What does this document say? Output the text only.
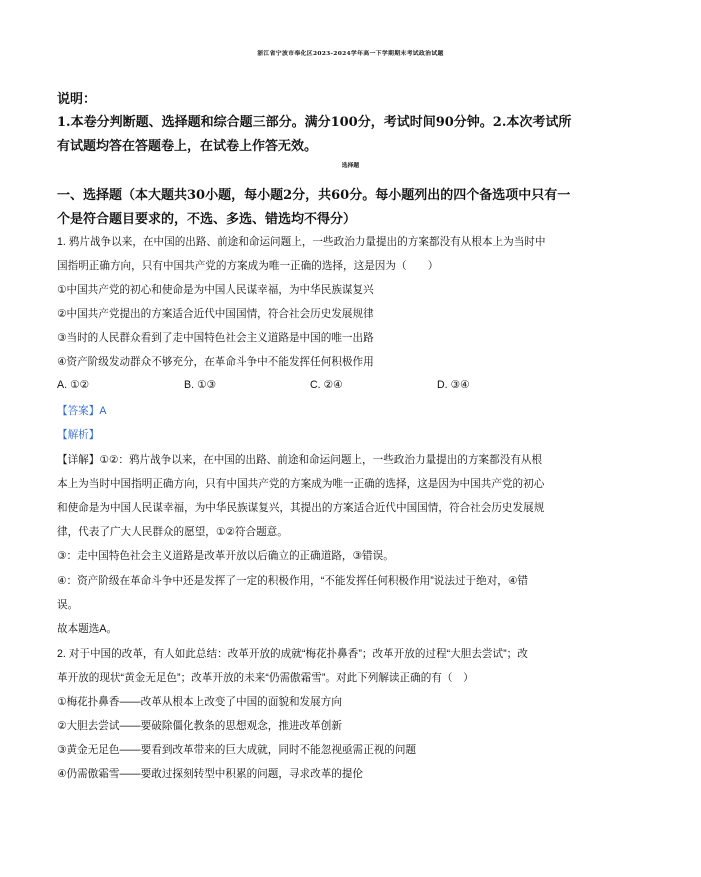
浙江省宁波市奉化区2023-2024学年高一下学期期末考试政治试题
说明：
1.本卷分判断题、选择题和综合题三部分。满分100分，考试时间90分钟。2.本次考试所
有试题均答在答题卷上，在试卷上作答无效。
选择题
一、选择题（本大题共30小题，每小题2分，共60分。每小题列出的四个备选项中只有一
个是符合题目要求的，不选、多选、错选均不得分）
1. 鸦片战争以来，在中国的出路、前途和命运问题上，一些政治力量提出的方案都没有从根本上为当时中
国指明正确方向，只有中国共产党的方案成为唯一正确的选择，这是因为（　　）
①中国共产党的初心和使命是为中国人民谋幸福，为中华民族谋复兴
②中国共产党提出的方案适合近代中国国情，符合社会历史发展规律
③当时的人民群众看到了走中国特色社会主义道路是中国的唯一出路
④资产阶级发动群众不够充分，在革命斗争中不能发挥任何积极作用
A. ①②	B. ①③	C. ②④	D. ③④
【答案】A
【解析】
【详解】①②：鸦片战争以来，在中国的出路、前途和命运问题上，一些政治力量提出的方案都没有从根
本上为当时中国指明正确方向，只有中国共产党的方案成为唯一正确的选择，这是因为中国共产党的初心
和使命是为中国人民谋幸福，为中华民族谋复兴，其提出的方案适合近代中国国情，符合社会历史发展规
律，代表了广大人民群众的愿望，①②符合题意。
③：走中国特色社会主义道路是改革开放以后确立的正确道路，③错误。
④：资产阶级在革命斗争中还是发挥了一定的积极作用，“不能发挥任何积极作用”说法过于绝对，④错
误。
故本题选A。
2. 对于中国的改革，有人如此总结：改革开放的成就“梅花扑鼻香”；改革开放的过程“大胆去尝试”；改
革开放的现状“黄金无足色”；改革开放的未来“仍需傲霜雪”。对此下列解读正确的有（　）
①梅花扑鼻香——改革从根本上改变了中国的面貌和发展方向
②大胆去尝试——要破除僵化教条的思想观念，推进改革创新
③黄金无足色——要看到改革带来的巨大成就，同时不能忽视亟需正视的问题
④仍需傲霜雪——要敢过探刻转型中积累的问题，寻求改革的提伦
